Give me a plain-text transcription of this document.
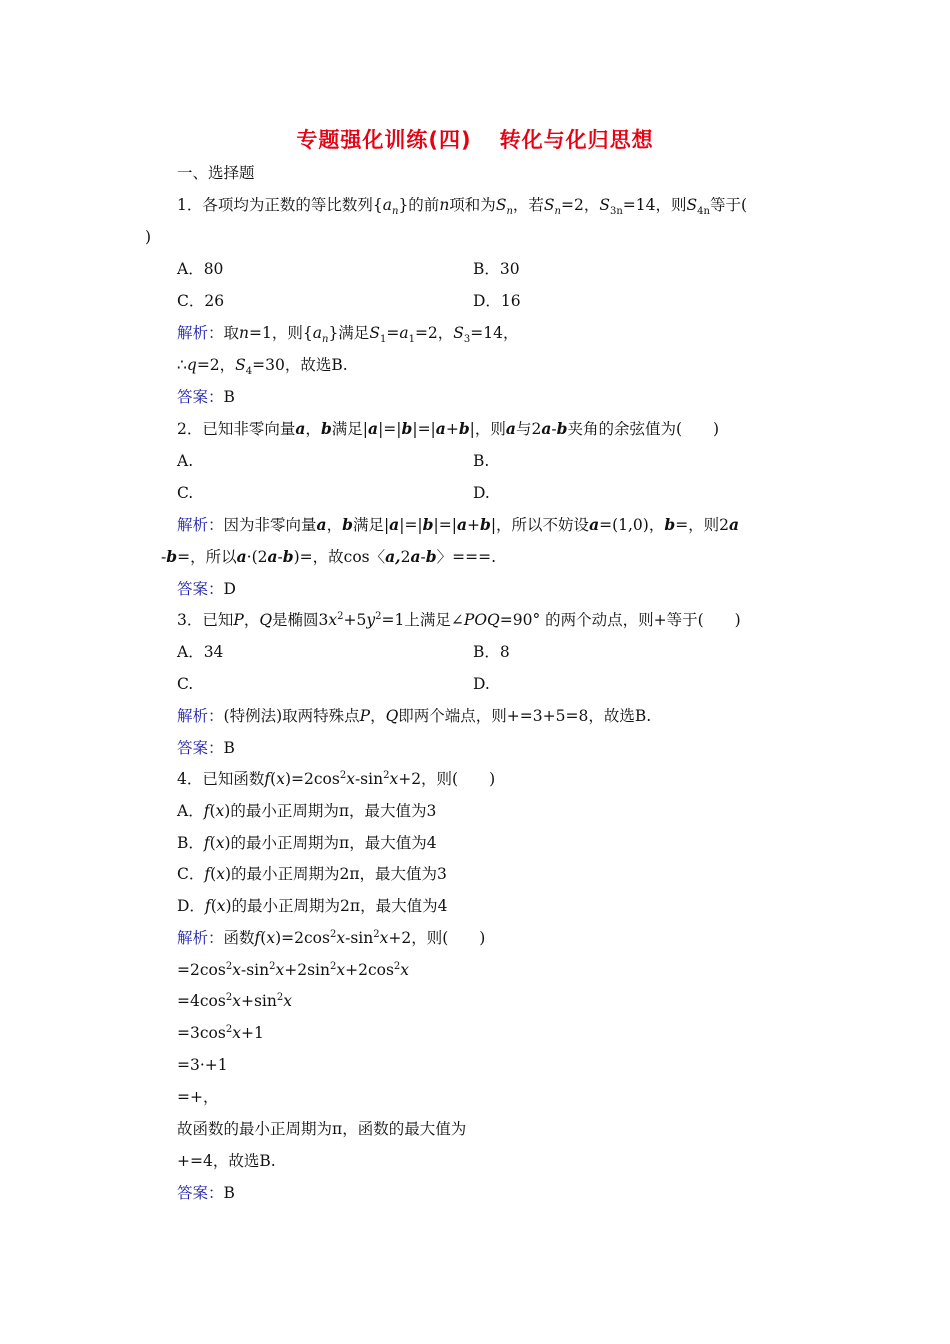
专题强化训练(四) 转化与化归思想
一、选择题
1．各项均为正数的等比数列$\{a_n\}$的前n项和为$S_n$，若$S_n=2$，$S_{3n}=14$，则$S_{4n}$等于(
)
A．80	B．30
C．26	D．16
解析：取n=1，则$\{a_n\}$满足$S_1=a_1=2$，$S_3=14$，
∴q=2，$S_4=30$，故选B.
答案：B
2．已知非零向量a，b满足|a|=|b|=|a+b|，则a与2a-b夹角的余弦值为(　　)
A.	B.
C.	D.
解析：因为非零向量a，b满足|a|=|b|=|a+b|，所以不妨设a=(1,0)，b=，则2a
-b=，所以a·(2a-b)=，故cos〈a,2a-b〉===.
答案：D
3．已知P，Q是椭圆$3x^2+5y^2=1$上满足∠POQ=90° 的两个动点，则+等于(　　)
A．34	B．8
C.	D.
解析：(特例法)取两特殊点P，Q即两个端点，则+=3+5=8，故选B.
答案：B
4．已知函数$f(x)=2\cos^2x-\sin^2x+2$，则(　　)
A．f(x)的最小正周期为π，最大值为3
B．f(x)的最小正周期为π，最大值为4
C．f(x)的最小正周期为2π，最大值为3
D．f(x)的最小正周期为2π，最大值为4
解析：函数$f(x)=2\cos^2x-\sin^2x+2$，则(　　)
$=2\cos^2x-\sin^2x+2\sin^2x+2\cos^2x$
$=4\cos^2x+\sin^2x$
$=3\cos^2x+1$
=3·+1
=+，
故函数的最小正周期为π，函数的最大值为
+=4，故选B.
答案：B
